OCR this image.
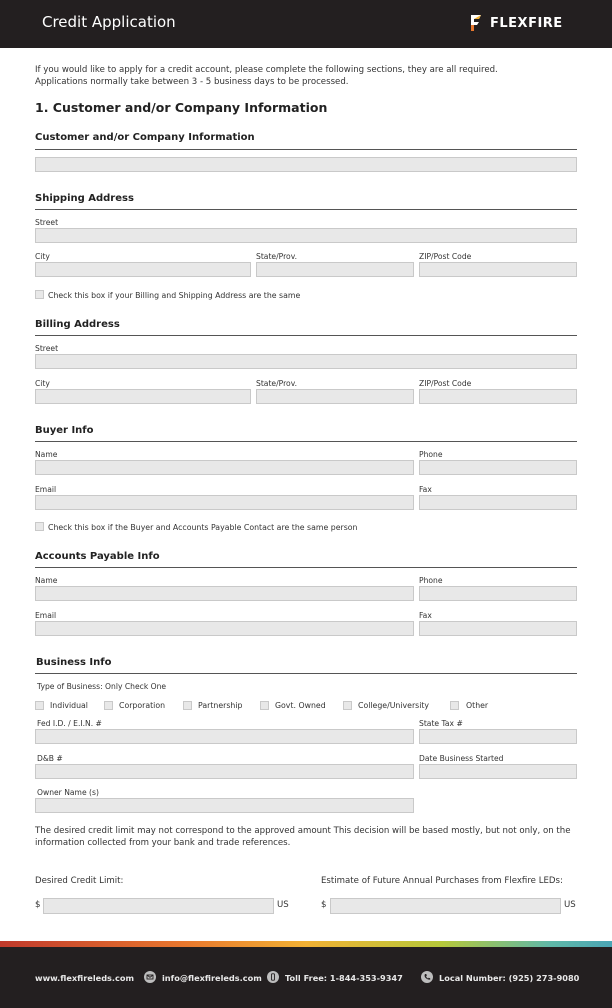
Credit Application	FLEXFIRE
If you would like to apply for a credit account, please complete the following sections, they are all required.
Applications normally take between 3 - 5 business days to be processed.
1. Customer and/or Company Information
Customer and/or Company Information
Shipping Address
Street
City	State/Prov.	ZIP/Post Code
Check this box if your Billing and Shipping Address are the same
Billing Address
Street
City	State/Prov.	ZIP/Post Code
Buyer Info
Name	Phone
Email	Fax
Check this box if the Buyer and Accounts Payable Contact are the same person
Accounts Payable Info
Name	Phone
Email	Fax
Business Info
Type of Business: Only Check One
Individual	Corporation	Partnership	Govt. Owned	College/University	Other
Fed I.D. / E.I.N. #	State Tax #
D&B #	Date Business Started
Owner Name (s)
The desired credit limit may not correspond to the approved amount This decision will be based mostly, but not only, on the
information collected from your bank and trade references.
Desired Credit Limit:	Estimate of Future Annual Purchases from Flexfire LEDs:
$	US	$	US
www.flexfireleds.com	info@flexfireleds.com	Toll Free: 1-844-353-9347	Local Number: (925) 273-9080
